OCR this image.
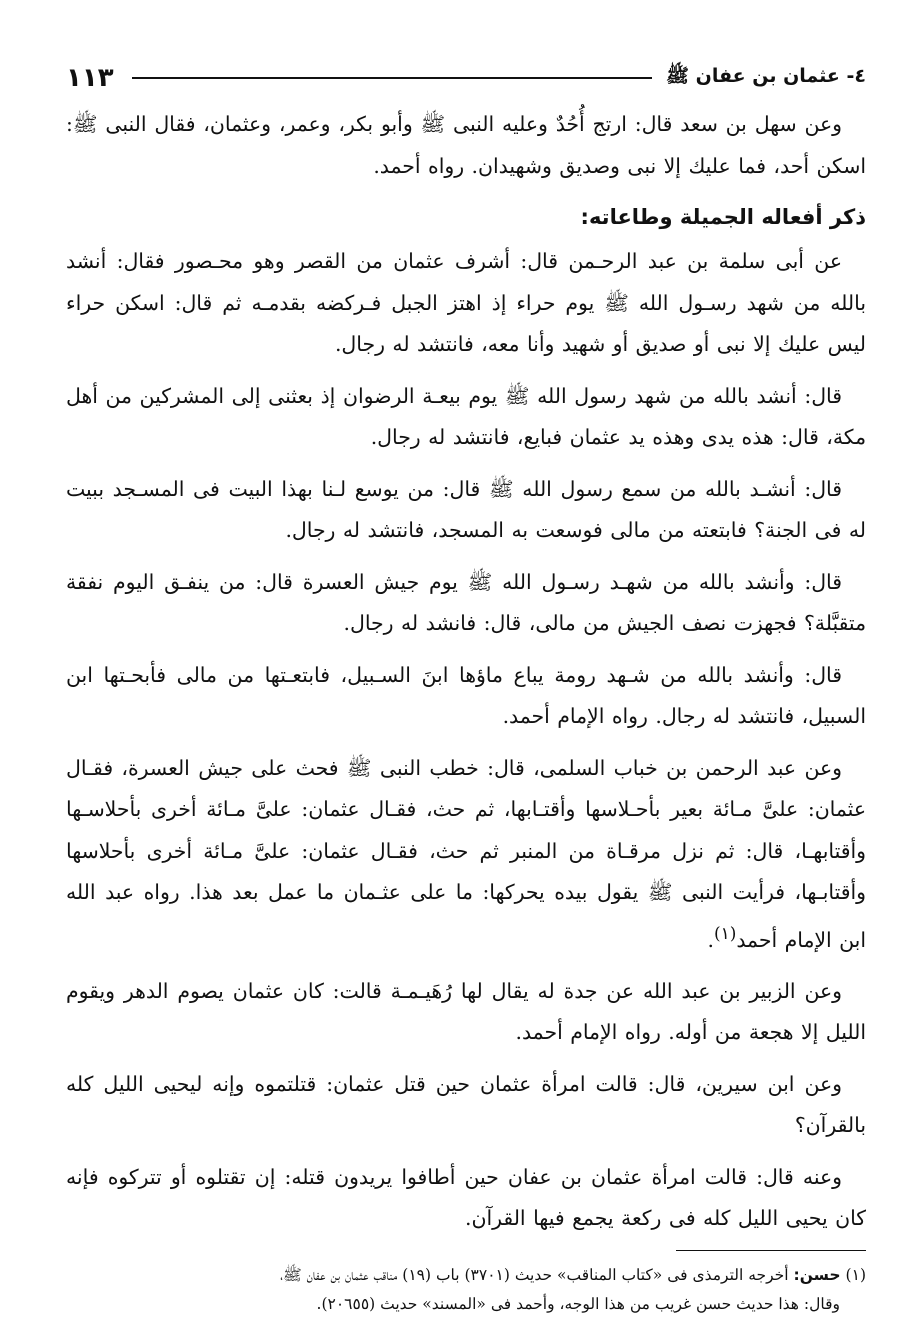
٤- عثمان بن عفان ﷺ
١١٣

وعن سهل بن سعد قال: ارتج أُحُدٌ وعليه النبى ﷺ وأبو بكر، وعمر، وعثمان، فقال النبى ﷺ: اسكن أحد، فما عليك إلا نبى وصديق وشهيدان. رواه أحمد.

ذكر أفعاله الجميلة وطاعاته:

عن أبى سلمة بن عبد الرحـمن قال: أشرف عثمان من القصر وهو محـصور فقال: أنشد بالله من شهد رسـول الله ﷺ يوم حراء إذ اهتز الجبل فـركضه بقدمـه ثم قال: اسكن حراء ليس عليك إلا نبى أو صديق أو شهيد وأنا معه، فانتشد له رجال.

قال: أنشد بالله من شهد رسول الله ﷺ يوم بيعـة الرضوان إذ بعثنى إلى المشركين من أهل مكة، قال: هذه يدى وهذه يد عثمان فبايع، فانتشد له رجال.

قال: أنشـد بالله من سمع رسول الله ﷺ قال: من يوسع لـنا بهذا البيت فى المسـجد ببيت له فى الجنة؟ فابتعته من مالى فوسعت به المسجد، فانتشد له رجال.

قال: وأنشد بالله من شهـد رسـول الله ﷺ يوم جيش العسرة قال: من ينفـق اليوم نفقة متقبَّلة؟ فجهزت نصف الجيش من مالى، قال: فانشد له رجال.

قال: وأنشد بالله من شـهد رومة يباع ماؤها ابنَ السـبيل، فابتعـتها من مالى فأبحـتها ابن السبيل، فانتشد له رجال. رواه الإمام أحمد.

وعن عبد الرحمن بن خباب السلمى، قال: خطب النبى ﷺ فحث على جيش العسرة، فقـال عثمان: علىَّ مـائة بعير بأحـلاسها وأقتـابها، ثم حث، فقـال عثمان: علىَّ مـائة أخرى بأحلاسـها وأقتابهـا، قال: ثم نزل مرقـاة من المنبر ثم حث، فقـال عثمان: علىَّ مـائة أخرى بأحلاسها وأقتابـها، فرأيت النبى ﷺ يقول بيده يحركها: ما على عثـمان ما عمل بعد هذا. رواه عبد الله ابن الإمام أحمد$^{(١)}$.

وعن الزبير بن عبد الله عن جدة له يقال لها رُهَيـمـة قالت: كان عثمان يصوم الدهر ويقوم الليل إلا هجعة من أوله. رواه الإمام أحمد.

وعن ابن سيرين، قال: قالت امرأة عثمان حين قتل عثمان: قتلتموه وإنه ليحيى الليل كله بالقرآن؟

وعنه قال: قالت امرأة عثمان بن عفان حين أطافوا يريدون قتله: إن تقتلوه أو تتركوه فإنه كان يحيى الليل كله فى ركعة يجمع فيها القرآن.

(١) حسن: أخرجه الترمذى فى «كتاب المناقب» حديث (٣٧٠١) باب (١٩) مناقب عثمان بن عفان ﷺ،

وقال: هذا حديث حسن غريب من هذا الوجه، وأحمد فى «المسند» حديث (٢٠٦٥٥).
